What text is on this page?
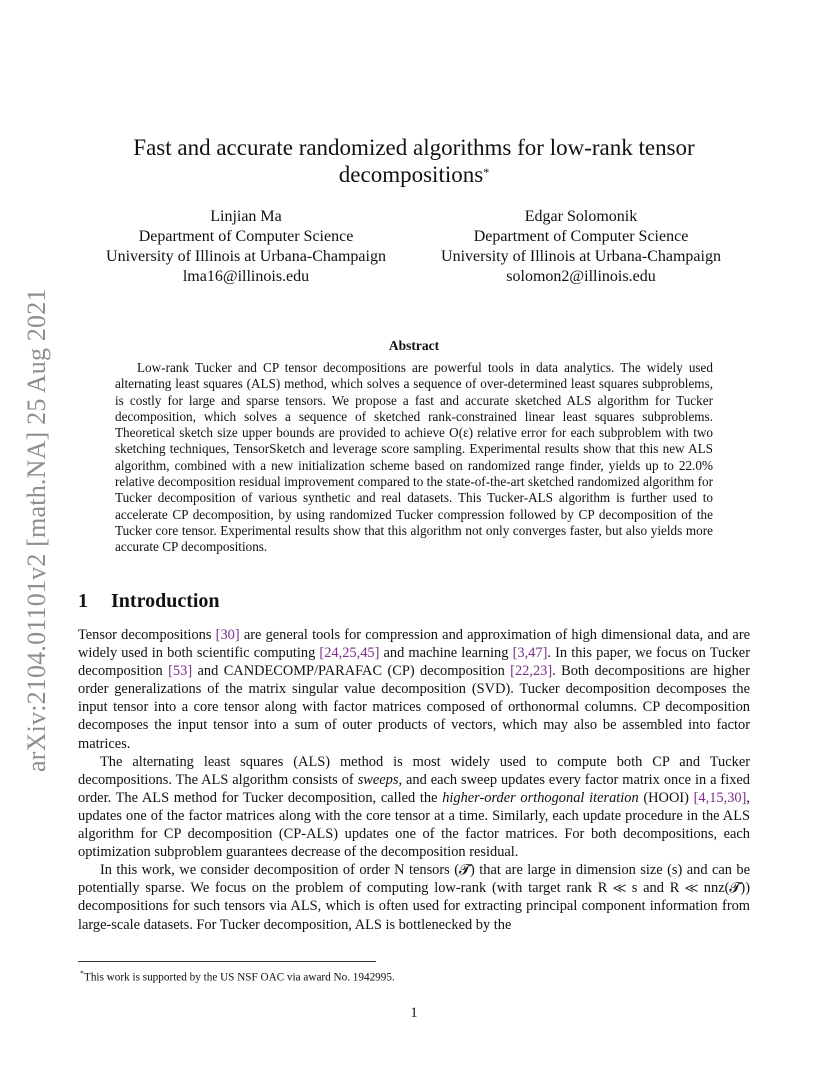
arXiv:2104.01101v2 [math.NA] 25 Aug 2021
Fast and accurate randomized algorithms for low-rank tensor
decompositions*
Linjian Ma
Department of Computer Science
University of Illinois at Urbana-Champaign
lma16@illinois.edu
Edgar Solomonik
Department of Computer Science
University of Illinois at Urbana-Champaign
solomon2@illinois.edu
Abstract
Low-rank Tucker and CP tensor decompositions are powerful tools in data analytics. The widely used alternating least squares (ALS) method, which solves a sequence of over-determined least squares subproblems, is costly for large and sparse tensors. We propose a fast and accurate sketched ALS algorithm for Tucker decomposition, which solves a sequence of sketched rank-constrained linear least squares subproblems. Theoretical sketch size upper bounds are provided to achieve O(ε) relative error for each subproblem with two sketching techniques, TensorSketch and leverage score sampling. Experimental results show that this new ALS algorithm, combined with a new initialization scheme based on randomized range finder, yields up to 22.0% relative decomposition residual improvement compared to the state-of-the-art sketched randomized algorithm for Tucker decomposition of various synthetic and real datasets. This Tucker-ALS algorithm is further used to accelerate CP decomposition, by using randomized Tucker compression followed by CP decomposition of the Tucker core tensor. Experimental results show that this algorithm not only converges faster, but also yields more accurate CP decompositions.
1 Introduction

Tensor decompositions [30] are general tools for compression and approximation of high dimensional data, and are widely used in both scientific computing [24,25,45] and machine learning [3,47]. In this paper, we focus on Tucker decomposition [53] and CANDECOMP/PARAFAC (CP) decomposition [22,23]. Both decompositions are higher order generalizations of the matrix singular value decomposition (SVD). Tucker decomposition decomposes the input tensor into a core tensor along with factor matrices composed of orthonormal columns. CP decomposition decomposes the input tensor into a sum of outer products of vectors, which may also be assembled into factor matrices.

The alternating least squares (ALS) method is most widely used to compute both CP and Tucker decompositions. The ALS algorithm consists of sweeps, and each sweep updates every factor matrix once in a fixed order. The ALS method for Tucker decomposition, called the higher-order orthogonal iteration (HOOI) [4,15,30], updates one of the factor matrices along with the core tensor at a time. Similarly, each update procedure in the ALS algorithm for CP decomposition (CP-ALS) updates one of the factor matrices. For both decompositions, each optimization subproblem guarantees decrease of the decomposition residual.

In this work, we consider decomposition of order N tensors (𝓣) that are large in dimension size (s) and can be potentially sparse. We focus on the problem of computing low-rank (with target rank R ≪ s and R ≪ nnz(𝓣)) decompositions for such tensors via ALS, which is often used for extracting principal component information from large-scale datasets. For Tucker decomposition, ALS is bottlenecked by the

*This work is supported by the US NSF OAC via award No. 1942995.
1
